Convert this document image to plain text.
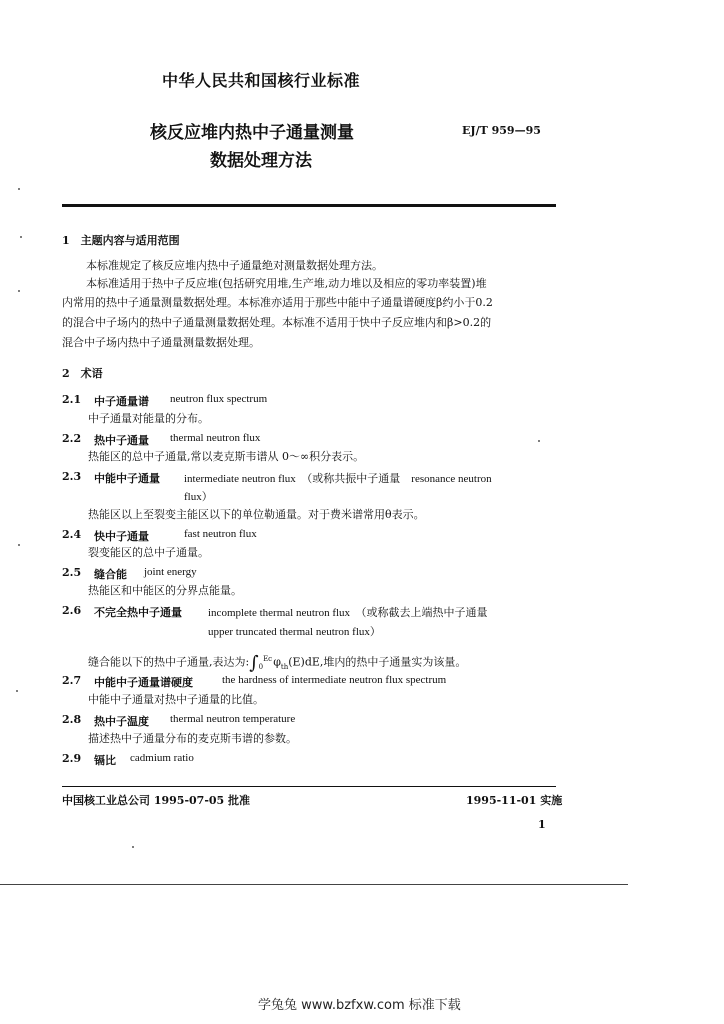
中华人民共和国核行业标准
核反应堆内热中子通量测量
数据处理方法
EJ/T 959—95
1　主题内容与适用范围
本标准规定了核反应堆内热中子通量绝对测量数据处理方法。
本标准适用于热中子反应堆(包括研究用堆,生产堆,动力堆以及相应的零功率装置)堆
内常用的热中子通量测量数据处理。本标准亦适用于那些中能中子通量谱硬度β约小于0.2
的混合中子场内的热中子通量测量数据处理。本标准不适用于快中子反应堆内和β>0.2的
混合中子场内热中子通量测量数据处理。
2　术语
2.1 中子通量谱 neutron flux spectrum
中子通量对能量的分布。
2.2 热中子通量 thermal neutron flux
热能区的总中子通量,常以麦克斯韦谱从 0～∞积分表示。
2.3 中能中子通量 intermediate neutron flux　（或称共振中子通量　resonance neutron
flux）
热能区以上至裂变主能区以下的单位勒通量。对于费米谱常用θ表示。
2.4 快中子通量	fast neutron flux
裂变能区的总中子通量。
2.5 缝合能 joint energy
热能区和中能区的分界点能量。
2.6 不完全热中子通量 incomplete thermal neutron flux　（或称截去上端热中子通量
upper truncated thermal neutron flux）
缝合能以下的热中子通量,表达为$:\int_0^{Ec}$ $\varphi_{th}(E)dE$,堆内的热中子通量实为该量。
2.7 中能中子通量谱硬度	the hardness of intermediate neutron flux spectrum
中能中子通量对热中子通量的比值。
2.8 热中子温度 thermal neutron temperature
描述热中子通量分布的麦克斯韦谱的参数。
2.9 镉比 cadmium ratio
中国核工业总公司 1995-07-05 批准	1995-11-01 实施
1
学兔兔 www.bzfxw.com 标准下载
